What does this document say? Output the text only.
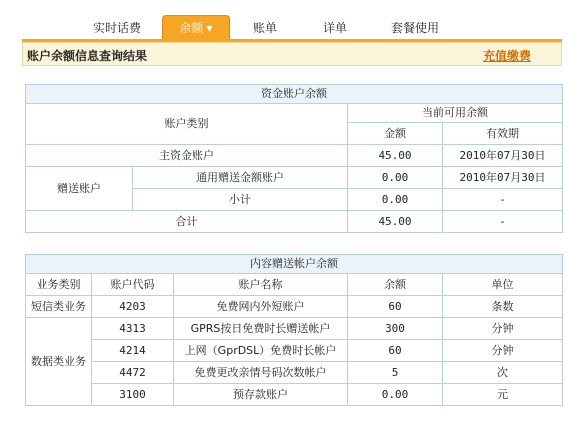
实时话费	余额 ▼	账单	详单	套餐使用
账户余额信息查询结果	充值缴费
资金账户余额			
账户类别		当前可用余额	
		金额	有效期
主资金账户		45.00	2010年07月30日
赠送账户	通用赠送金额账户	0.00	2010年07月30日
	小计	0.00	-
合计		45.00	-
内容赠送帐户余额				
业务类别	账户代码	账户名称	余额	单位
短信类业务	4203	免费网内外短账户	60	条数
数据类业务	4313	GPRS按日免费时长赠送帐户	300	分钟
	4214	上网（GprDSL）免费时长帐户	60	分钟
	4472	免费更改亲情号码次数帐户	5	次
	3100	预存款账户	0.00	元
